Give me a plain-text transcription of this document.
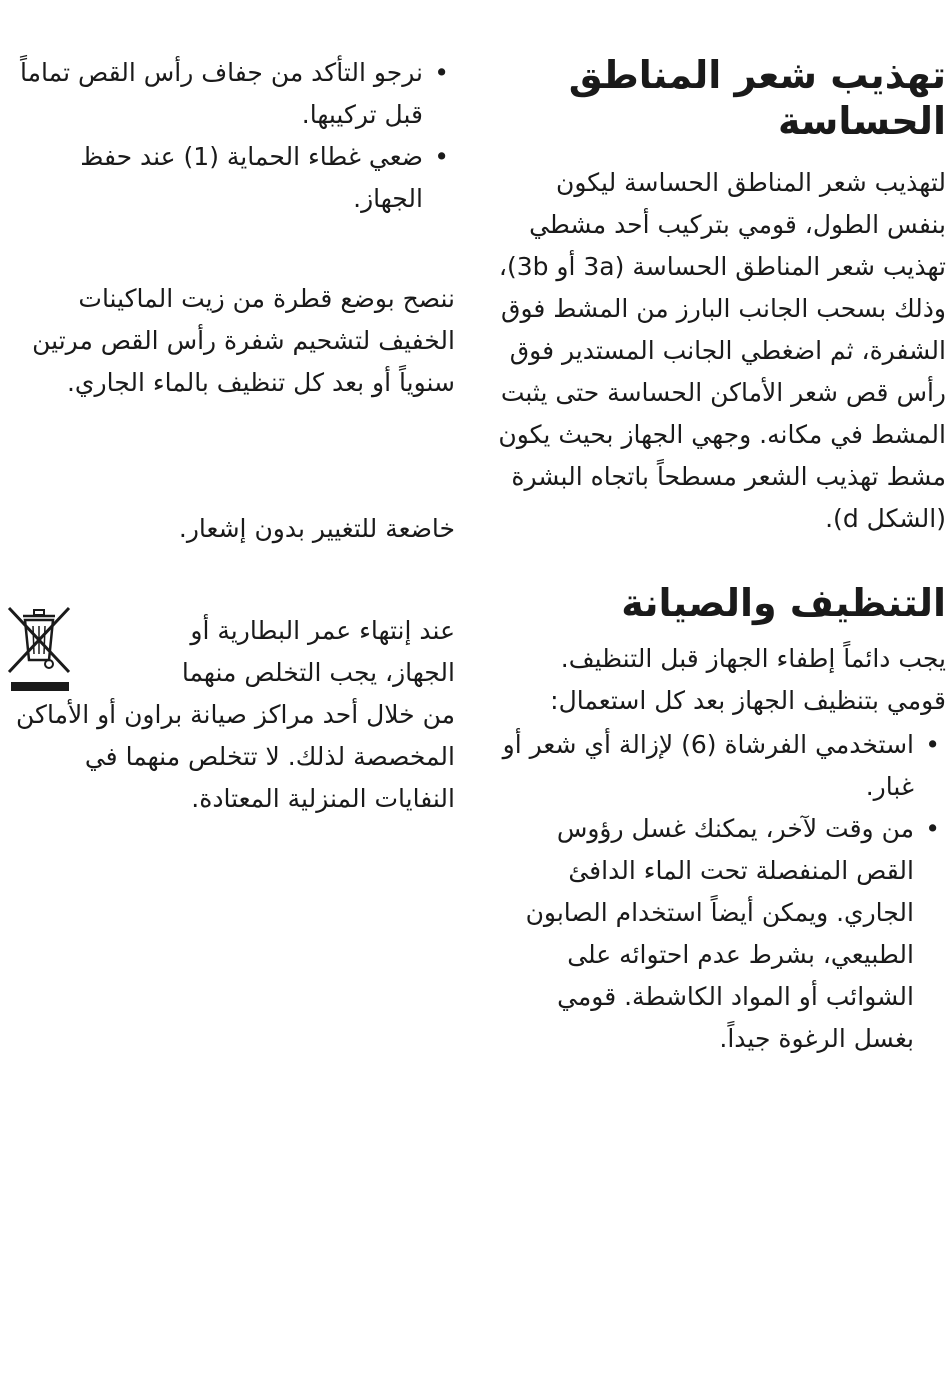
تهذيب شعر المناطق الحساسة

لتهذيب شعر المناطق الحساسة ليكون بنفس الطول، قومي بتركيب أحد مشطي تهذيب شعر المناطق الحساسة (3a أو 3b)، وذلك بسحب الجانب البارز من المشط فوق الشفرة، ثم اضغطي الجانب المستدير فوق رأس قص شعر الأماكن الحساسة حتى يثبت المشط في مكانه. وجهي الجهاز بحيث يكون مشط تهذيب الشعر مسطحاً باتجاه البشرة (الشكل d).

التنظيف والصيانة

يجب دائماً إطفاء الجهاز قبل التنظيف. قومي بتنظيف الجهاز بعد كل استعمال:

• استخدمي الفرشاة (6) لإزالة أي شعر أو غبار.
• من وقت لآخر، يمكنك غسل رؤوس القص المنفصلة تحت الماء الدافئ الجاري. ويمكن أيضاً استخدام الصابون الطبيعي، بشرط عدم احتوائه على الشوائب أو المواد الكاشطة. قومي بغسل الرغوة جيداً.
• نرجو التأكد من جفاف رأس القص تماماً قبل تركيبها.
• ضعي غطاء الحماية (1) عند حفظ الجهاز.

ننصح بوضع قطرة من زيت الماكينات الخفيف لتشحيم شفرة رأس القص مرتين سنوياً أو بعد كل تنظيف بالماء الجاري.

خاضعة للتغيير بدون إشعار.

عند إنتهاء عمر البطارية أو

الجهاز، يجب التخلص منهما

من خلال أحد مراكز صيانة براون أو الأماكن المخصصة لذلك. لا تتخلص منهما في النفايات المنزلية المعتادة.
